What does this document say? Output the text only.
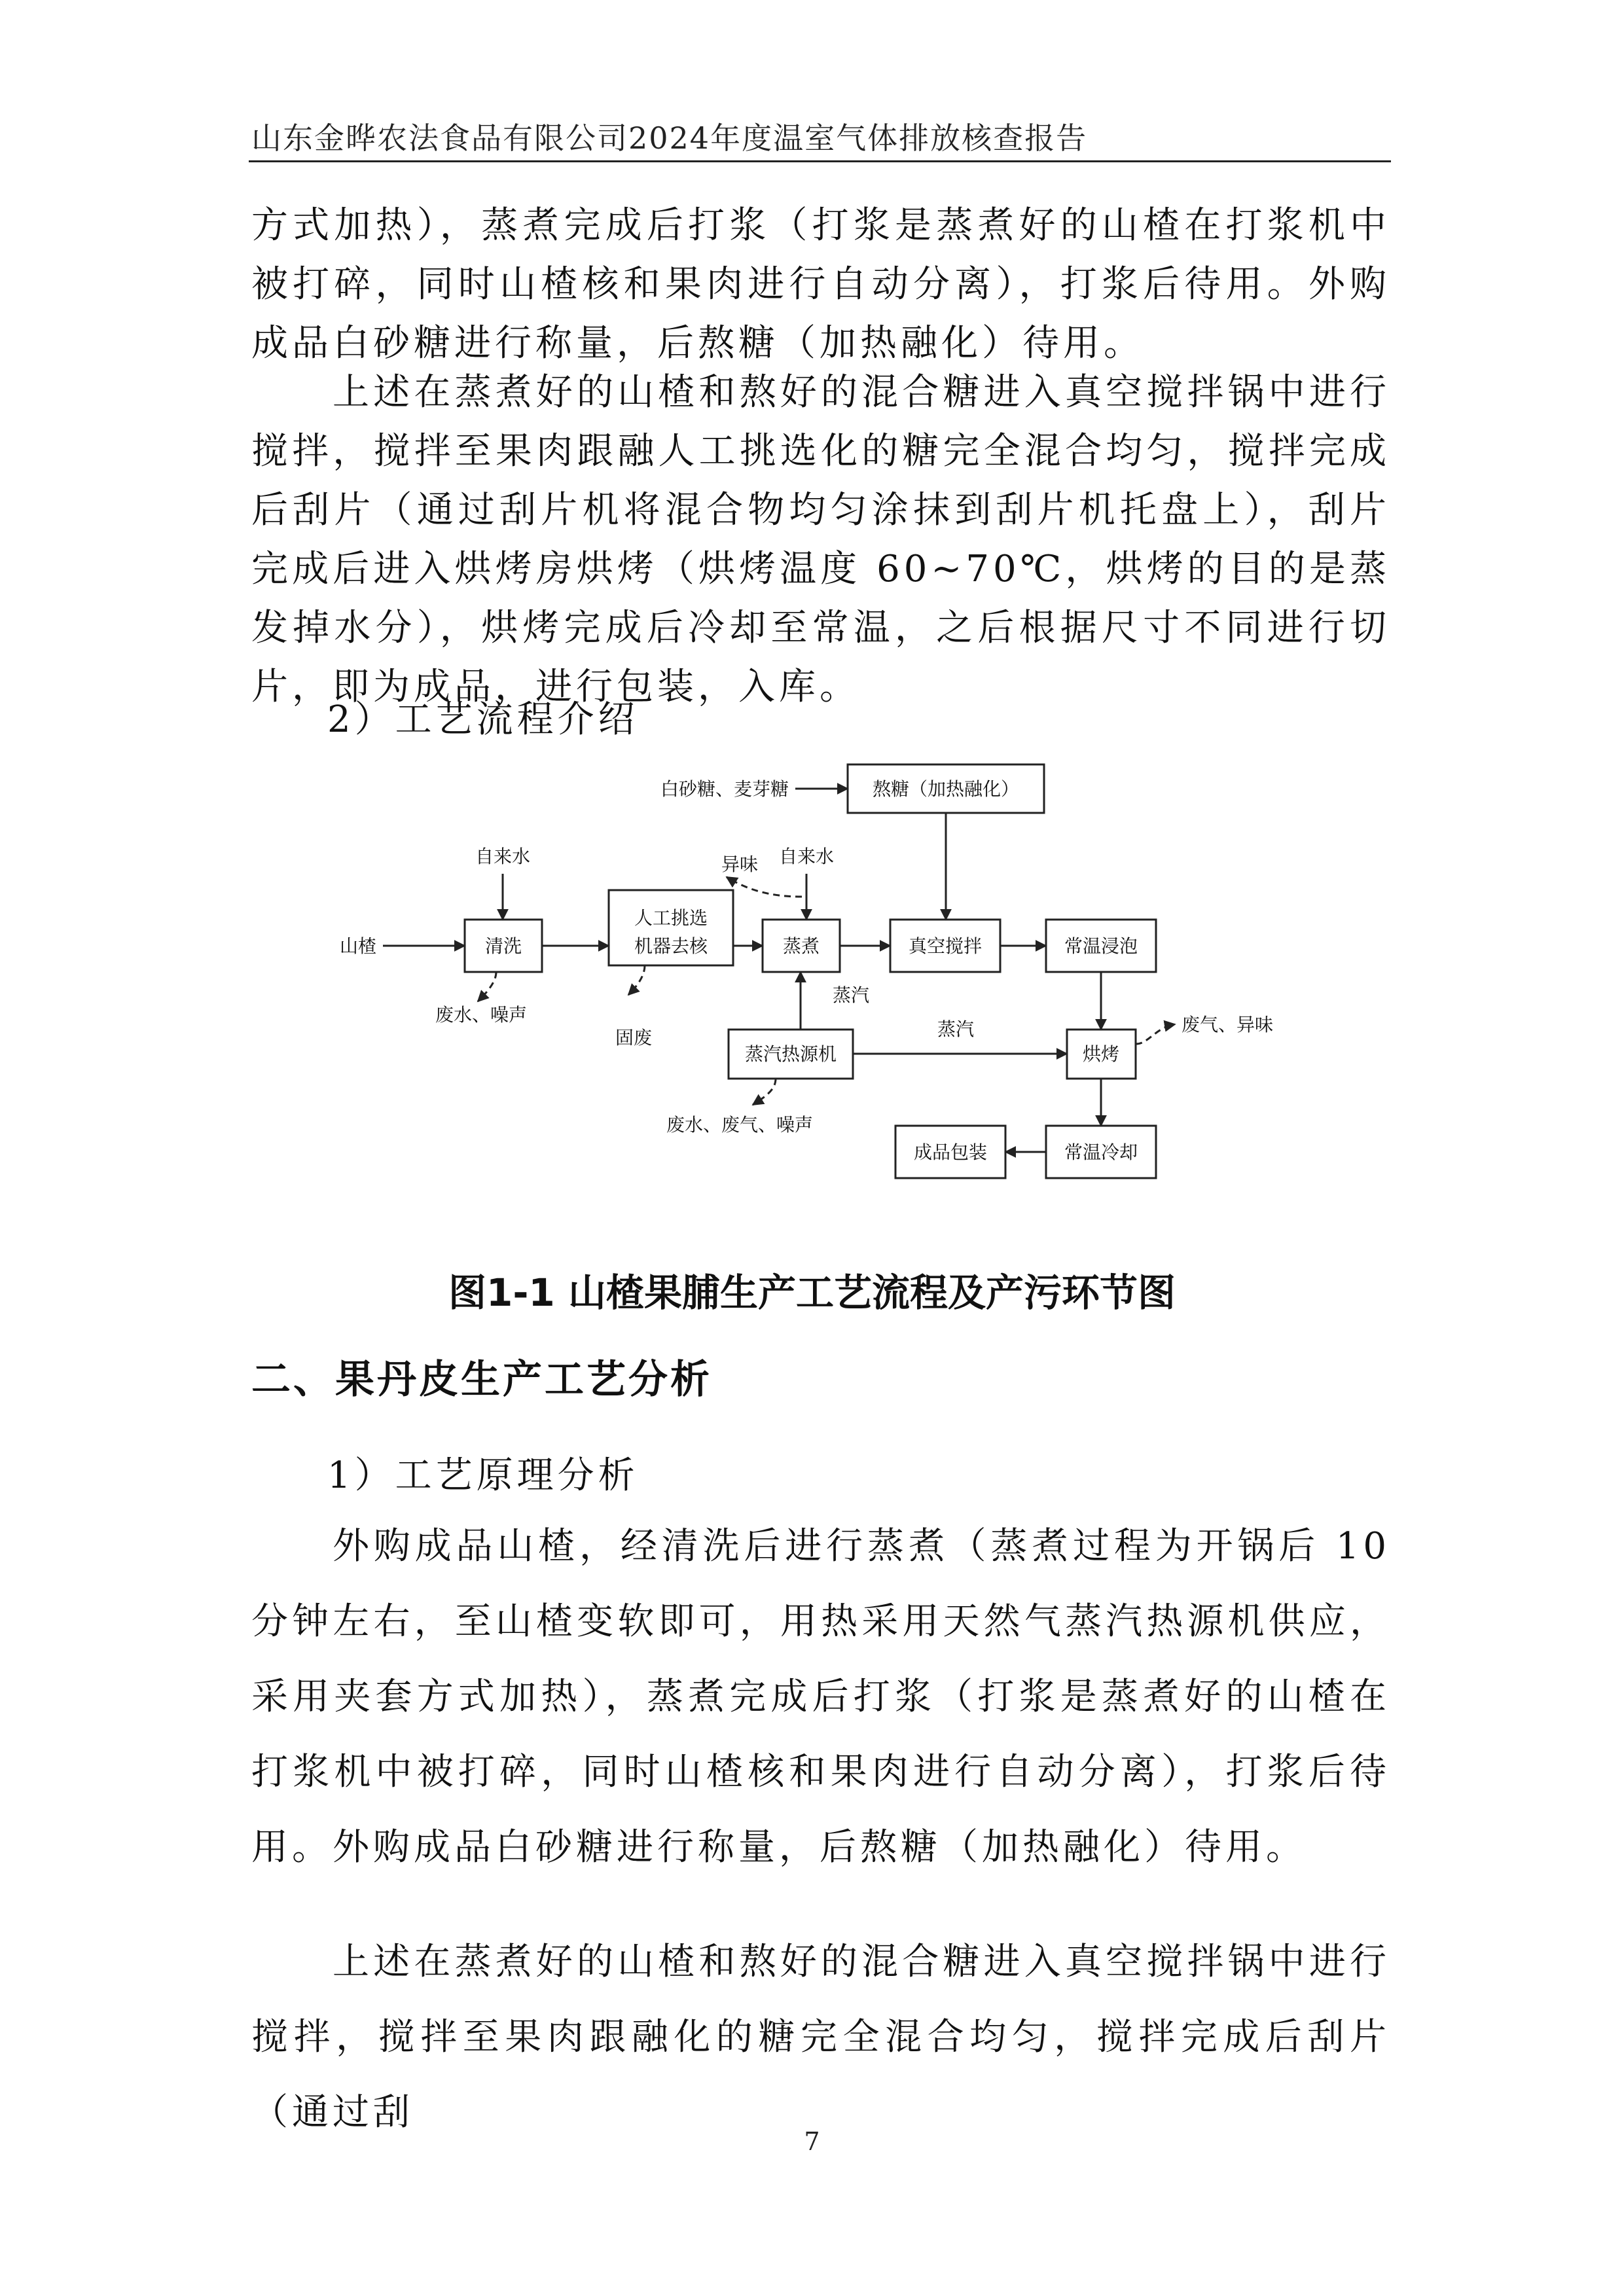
山东金晔农法食品有限公司2024年度温室气体排放核查报告

方式加热），蒸煮完成后打浆（打浆是蒸煮好的山楂在打浆机中被打碎，同时山楂核和果肉进行自动分离），打浆后待用。外购成品白砂糖进行称量，后熬糖（加热融化）待用。

上述在蒸煮好的山楂和熬好的混合糖进入真空搅拌锅中进行搅拌，搅拌至果肉跟融人工挑选化的糖完全混合均匀，搅拌完成后刮片（通过刮片机将混合物均匀涂抹到刮片机托盘上），刮片完成后进入烘烤房烘烤（烘烤温度 60~70℃，烘烤的目的是蒸发掉水分），烘烤完成后冷却至常温，之后根据尺寸不同进行切片，即为成品，进行包装，入库。

2）工艺流程介绍
白砂糖、麦芽糖	熬糖（加热融化）
自来水	自来水
异味
山楂	清洗
人工挑选
机器去核	蒸煮	真空搅拌	常温浸泡
蒸汽
蒸汽
废水、噪声
固废
蒸汽热源机	烘烤
废气、异味
废水、废气、噪声
成品包装	常温冷却
图1-1 山楂果脯生产工艺流程及产污环节图
二、果丹皮生产工艺分析
1）工艺原理分析

外购成品山楂，经清洗后进行蒸煮（蒸煮过程为开锅后 10 分钟左右，至山楂变软即可，用热采用天然气蒸汽热源机供应，采用夹套方式加热），蒸煮完成后打浆（打浆是蒸煮好的山楂在打浆机中被打碎，同时山楂核和果肉进行自动分离），打浆后待用。外购成品白砂糖进行称量，后熬糖（加热融化）待用。

上述在蒸煮好的山楂和熬好的混合糖进入真空搅拌锅中进行搅拌，搅拌至果肉跟融化的糖完全混合均匀，搅拌完成后刮片（通过刮

7
